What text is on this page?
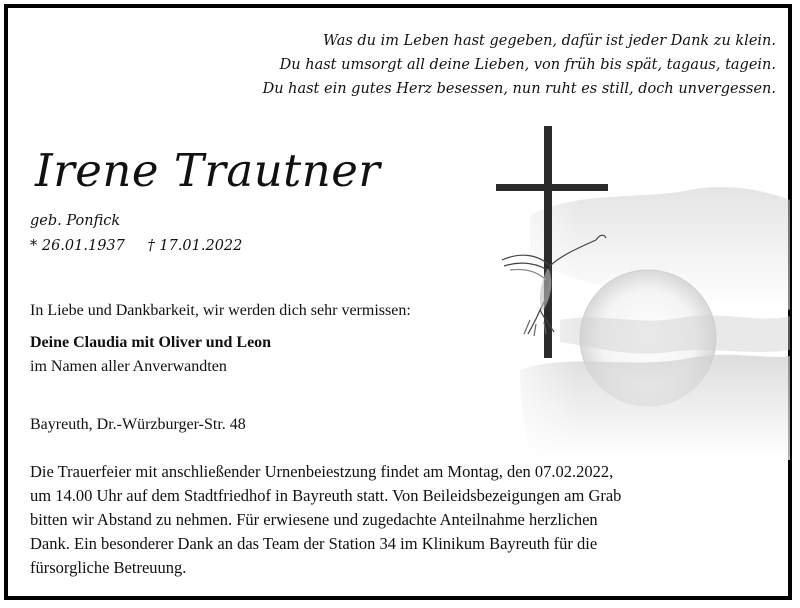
Was du im Leben hast gegeben, dafür ist jeder Dank zu klein.
Du hast umsorgt all deine Lieben, von früh bis spät, tagaus, tagein.
Du hast ein gutes Herz besessen, nun ruht es still, doch unvergessen.
Irene Trautner
geb. Ponfick
* 26.01.1937 † 17.01.2022
In Liebe und Dankbarkeit, wir werden dich sehr vermissen:
Deine Claudia mit Oliver und Leon
im Namen aller Anverwandten
Bayreuth, Dr.-Würzburger-Str. 48
Die Trauerfeier mit anschließender Urnenbeiestzung findet am Montag, den 07.02.2022,
um 14.00 Uhr auf dem Stadtfriedhof in Bayreuth statt. Von Beileidsbezeigungen am Grab
bitten wir Abstand zu nehmen. Für erwiesene und zugedachte Anteilnahme herzlichen
Dank. Ein besonderer Dank an das Team der Station 34 im Klinikum Bayreuth für die
fürsorgliche Betreuung.
